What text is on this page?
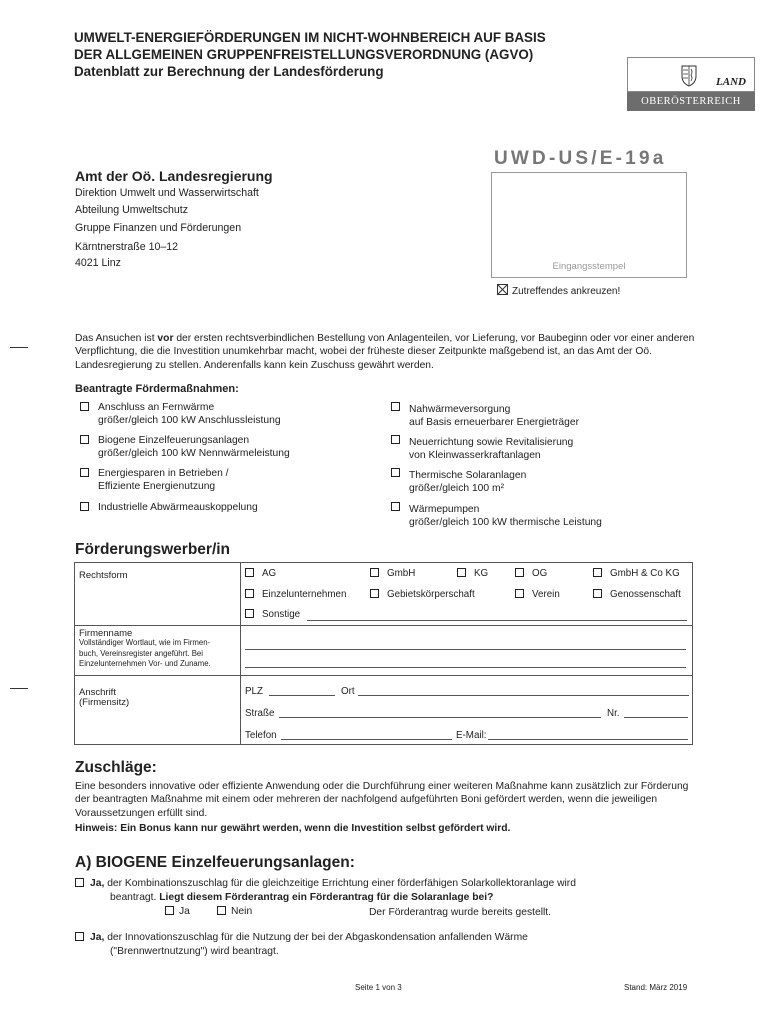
UMWELT-ENERGIEFÖRDERUNGEN IM NICHT-WOHNBEREICH AUF BASIS
DER ALLGEMEINEN GRUPPENFREISTELLUNGSVERORDNUNG (AGVO)
Datenblatt zur Berechnung der Landesförderung
LAND
OBERÖSTERREICH
UWD-US/E-19a
Amt der Oö. Landesregierung
Direktion Umwelt und Wasserwirtschaft
Abteilung Umweltschutz
Gruppe Finanzen und Förderungen
Kärntnerstraße 10–12
4021 Linz	Eingangsstempel
Zutreffendes ankreuzen!
Das Ansuchen ist vor der ersten rechtsverbindlichen Bestellung von Anlagenteilen, vor Lieferung, vor Baubeginn oder vor einer anderen Verpflichtung, die die Investition unumkehrbar macht, wobei der früheste dieser Zeitpunkte maßgebend ist, an das Amt der Oö. Landesregierung zu stellen. Anderenfalls kann kein Zuschuss gewährt werden.
Beantragte Fördermaßnahmen:
Anschluss an Fernwärme
größer/gleich 100 kW Anschlussleistung
Biogene Einzelfeuerungsanlagen
größer/gleich 100 kW Nennwärmeleistung
Energiesparen in Betrieben /
Effiziente Energienutzung
Industrielle Abwärmeauskoppelung
Nahwärmeversorgung
auf Basis erneuerbarer Energieträger
Neuerrichtung sowie Revitalisierung
von Kleinwasserkraftanlagen
Thermische Solaranlagen
größer/gleich 100 m²
Wärmepumpen
größer/gleich 100 kW thermische Leistung
Förderungswerber/in
Rechtsform	AG	GmbH	KG	OG	GmbH & Co KG
Einzelunternehmen	Gebietskörperschaft	Verein	Genossenschaft
Sonstige
Firmenname
Vollständiger Wortlaut, wie im Firmen-
buch, Vereinsregister angeführt. Bei
Einzelunternehmen Vor- und Zuname.
Anschrift
(Firmensitz)
PLZ	Ort
Straße	Nr.
Telefon	E-Mail:
Zuschläge:
Eine besonders innovative oder effiziente Anwendung oder die Durchführung einer weiteren Maßnahme kann zusätzlich zur Förderung der beantragten Maßnahme mit einem oder mehreren der nachfolgend aufgeführten Boni gefördert werden, wenn die jeweiligen Voraussetzungen erfüllt sind.
Hinweis: Ein Bonus kann nur gewährt werden, wenn die Investition selbst gefördert wird.
A) BIOGENE Einzelfeuerungsanlagen:
Ja, der Kombinationszuschlag für die gleichzeitige Errichtung einer förderfähigen Solarkollektoranlage wird
beantragt. Liegt diesem Förderantrag ein Förderantrag für die Solaranlage bei?
Ja	Nein	Der Förderantrag wurde bereits gestellt.
Ja, der Innovationszuschlag für die Nutzung der bei der Abgaskondensation anfallenden Wärme
("Brennwertnutzung") wird beantragt.
Seite 1 von 3	Stand: März 2019
